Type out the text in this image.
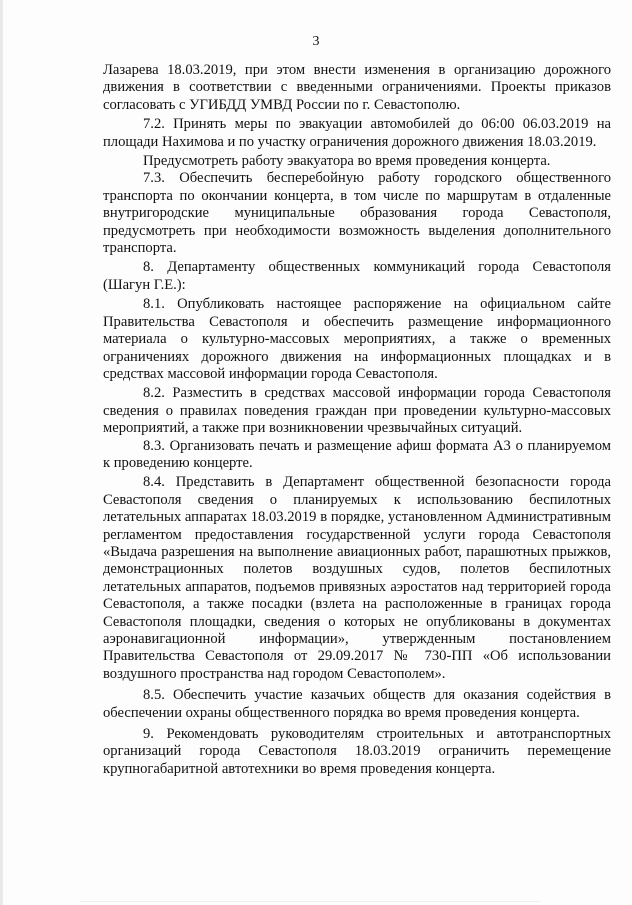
3

Лазарева 18.03.2019, при этом внести изменения в организацию дорожного движения в соответствии с введенными ограничениями. Проекты приказов согласовать с УГИБДД УМВД России по г. Севастополю.

7.2. Принять меры по эвакуации автомобилей до 06:00 06.03.2019 на площади Нахимова и по участку ограничения дорожного движения 18.03.2019.

Предусмотреть работу эвакуатора во время проведения концерта.

7.3. Обеспечить бесперебойную работу городского общественного транспорта по окончании концерта, в том числе по маршрутам в отдаленные внутригородские муниципальные образования города Севастополя, предусмотреть при необходимости возможность выделения дополнительного транспорта.

8. Департаменту общественных коммуникаций города Севастополя (Шагун Г.Е.):

8.1. Опубликовать настоящее распоряжение на официальном сайте Правительства Севастополя и обеспечить размещение информационного материала о культурно-массовых мероприятиях, а также о временных ограничениях дорожного движения на информационных площадках и в средствах массовой информации города Севастополя.

8.2. Разместить в средствах массовой информации города Севастополя сведения о правилах поведения граждан при проведении культурно-массовых мероприятий, а также при возникновении чрезвычайных ситуаций.

8.3. Организовать печать и размещение афиш формата А3 о планируемом к проведению концерте.

8.4. Представить в Департамент общественной безопасности города Севастополя сведения о планируемых к использованию беспилотных летательных аппаратах 18.03.2019 в порядке, установленном Административным регламентом предоставления государственной услуги города Севастополя «Выдача разрешения на выполнение авиационных работ, парашютных прыжков, демонстрационных полетов воздушных судов, полетов беспилотных летательных аппаратов, подъемов привязных аэростатов над территорией города Севастополя, а также посадки (взлета на расположенные в границах города Севастополя площадки, сведения о которых не опубликованы в документах аэронавигационной информации», утвержденным постановлением Правительства Севастополя от 29.09.2017 № 730-ПП «Об использовании воздушного пространства над городом Севастополем».

8.5. Обеспечить участие казачьих обществ для оказания содействия в обеспечении охраны общественного порядка во время проведения концерта.

9. Рекомендовать руководителям строительных и автотранспортных организаций города Севастополя 18.03.2019 ограничить перемещение крупногабаритной автотехники во время проведения концерта.
